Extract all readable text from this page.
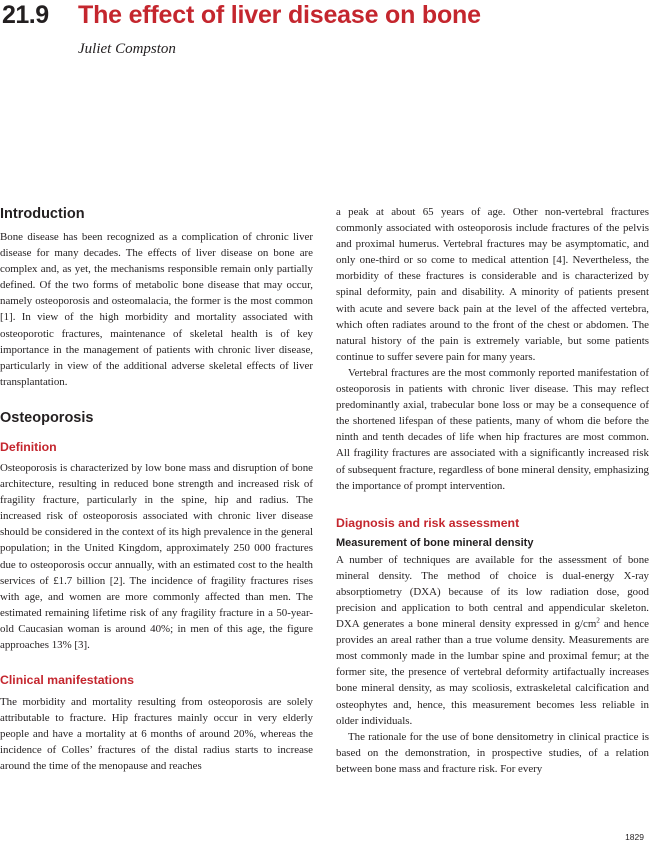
21.9 The effect of liver disease on bone
Juliet Compston
Introduction

Bone disease has been recognized as a complication of chronic liver disease for many decades. The effects of liver disease on bone are complex and, as yet, the mechanisms responsible remain only partially defined. Of the two forms of metabolic bone disease that may occur, namely osteoporosis and osteomalacia, the former is the most common [1]. In view of the high morbidity and mortality associated with osteoporotic fractures, maintenance of skeletal health is of key importance in the management of patients with chronic liver disease, particularly in view of the additional adverse skeletal effects of liver transplantation.

Osteoporosis
Definition

Osteoporosis is characterized by low bone mass and disruption of bone architecture, resulting in reduced bone strength and increased risk of fragility fracture, particularly in the spine, hip and radius. The increased risk of osteoporosis associated with chronic liver disease should be considered in the context of its high prevalence in the general population; in the United Kingdom, approximately 250 000 fractures due to osteoporosis occur annually, with an estimated cost to the health services of £1.7 billion [2]. The incidence of fragility fractures rises with age, and women are more commonly affected than men. The estimated remaining lifetime risk of any fragility fracture in a 50-year-old Caucasian woman is around 40%; in men of this age, the figure approaches 13% [3].

Clinical manifestations

The morbidity and mortality resulting from osteoporosis are solely attributable to fracture. Hip fractures mainly occur in very elderly people and have a mortality at 6 months of around 20%, whereas the incidence of Colles’ fractures of the distal radius starts to increase around the time of the menopause and reaches

a peak at about 65 years of age. Other non-vertebral fractures commonly associated with osteoporosis include fractures of the pelvis and proximal humerus. Vertebral fractures may be asymptomatic, and only one-third or so come to medical attention [4]. Nevertheless, the morbidity of these fractures is considerable and is characterized by spinal deformity, pain and disability. A minority of patients present with acute and severe back pain at the level of the affected vertebra, which often radiates around to the front of the chest or abdomen. The natural history of the pain is extremely variable, but some patients continue to suffer severe pain for many years.

Vertebral fractures are the most commonly reported manifestation of osteoporosis in patients with chronic liver disease. This may reflect predominantly axial, trabecular bone loss or may be a consequence of the shortened lifespan of these patients, many of whom die before the ninth and tenth decades of life when hip fractures are most common. All fragility fractures are associated with a significantly increased risk of subsequent fracture, regardless of bone mineral density, emphasizing the importance of prompt intervention.

Diagnosis and risk assessment
Measurement of bone mineral density

A number of techniques are available for the assessment of bone mineral density. The method of choice is dual-energy X-ray absorptiometry (DXA) because of its low radiation dose, good precision and application to both central and appendicular skeleton. DXA generates a bone mineral density expressed in $g/cm^2$ and hence provides an areal rather than a true volume density. Measurements are most commonly made in the lumbar spine and proximal femur; at the former site, the presence of vertebral deformity artifactually increases bone mineral density, as may scoliosis, extraskeletal calcification and osteophytes and, hence, this measurement becomes less reliable in older individuals.

The rationale for the use of bone densitometry in clinical practice is based on the demonstration, in prospective studies, of a relation between bone mass and fracture risk. For every

1829
